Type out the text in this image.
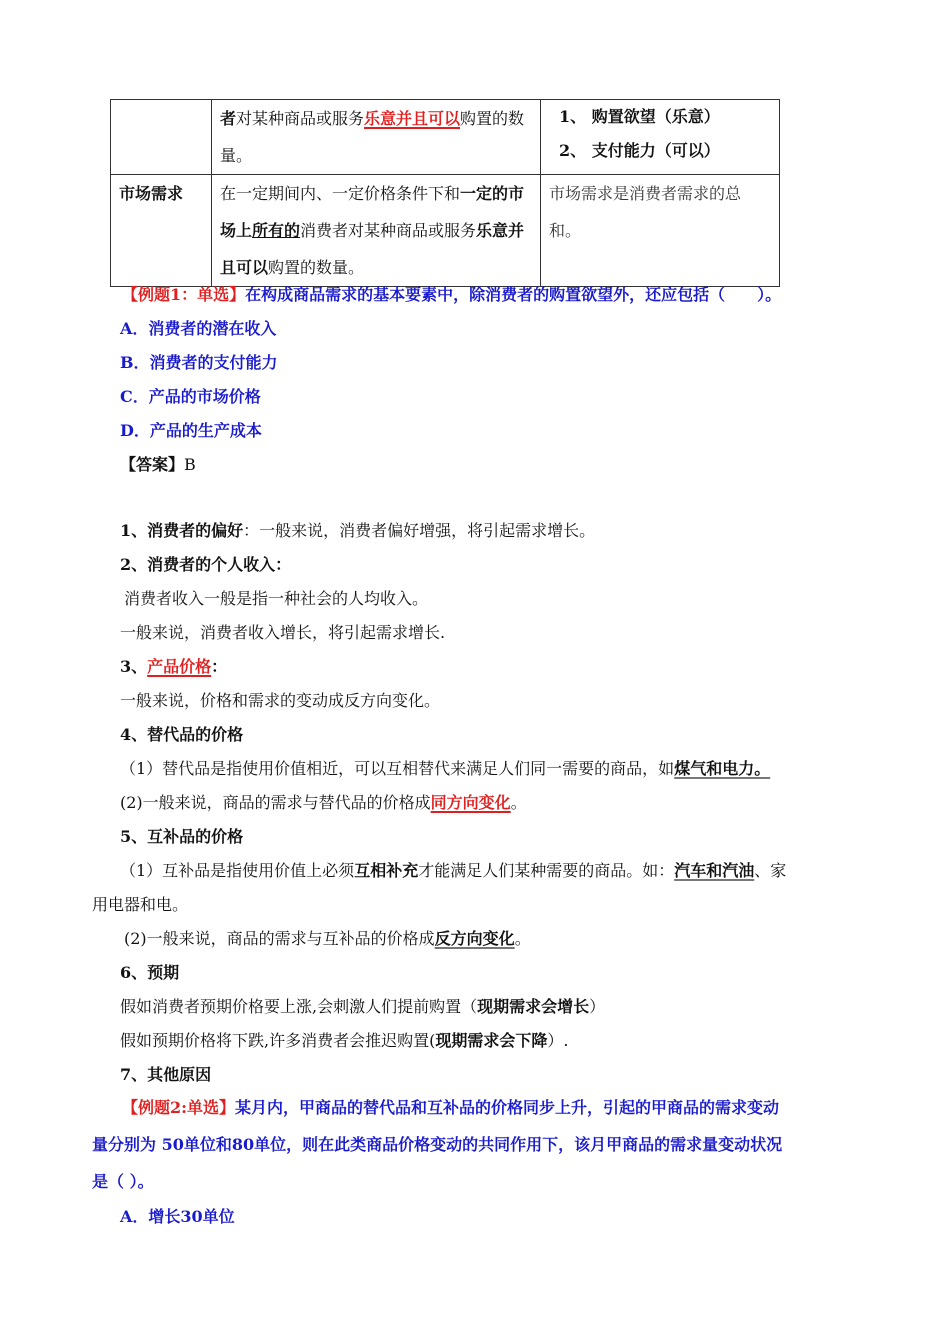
	者对某种商品或服务乐意并且可以购置的数量。	1、 购置欲望（乐意）
2、 支付能力（可以）

市场需求	在一定期间内、一定价格条件下和一定的市场上所有的消费者对某种商品或服务乐意并且可以购置的数量。	市场需求是消费者需求的总和。
【例题1：单选】在构成商品需求的基本要素中，除消费者的购置欲望外，还应包括（　　）。
A．消费者的潜在收入
B．消费者的支付能力
C．产品的市场价格
D．产品的生产成本
【答案】B
1、消费者的偏好：一般来说，消费者偏好增强，将引起需求增长。
2、消费者的个人收入：
消费者收入一般是指一种社会的人均收入。
一般来说，消费者收入增长，将引起需求增长.
3、产品价格：
一般来说，价格和需求的变动成反方向变化。
4、替代品的价格
（1）替代品是指使用价值相近，可以互相替代来满足人们同一需要的商品，如煤气和电力。
(2)一般来说，商品的需求与替代品的价格成同方向变化。
5、互补品的价格
（1）互补品是指使用价值上必须互相补充才能满足人们某种需要的商品。如：汽车和汽油、家
用电器和电。
(2)一般来说，商品的需求与互补品的价格成反方向变化。
6、预期
假如消费者预期价格要上涨,会刺激人们提前购置（现期需求会增长）
假如预期价格将下跌,许多消费者会推迟购置(现期需求会下降）.
7、其他原因
【例题2:单选】某月内，甲商品的替代品和互补品的价格同步上升，引起的甲商品的需求变动
量分别为 50单位和80单位，则在此类商品价格变动的共同作用下，该月甲商品的需求量变动状况
是（ ）。
A．增长30单位
